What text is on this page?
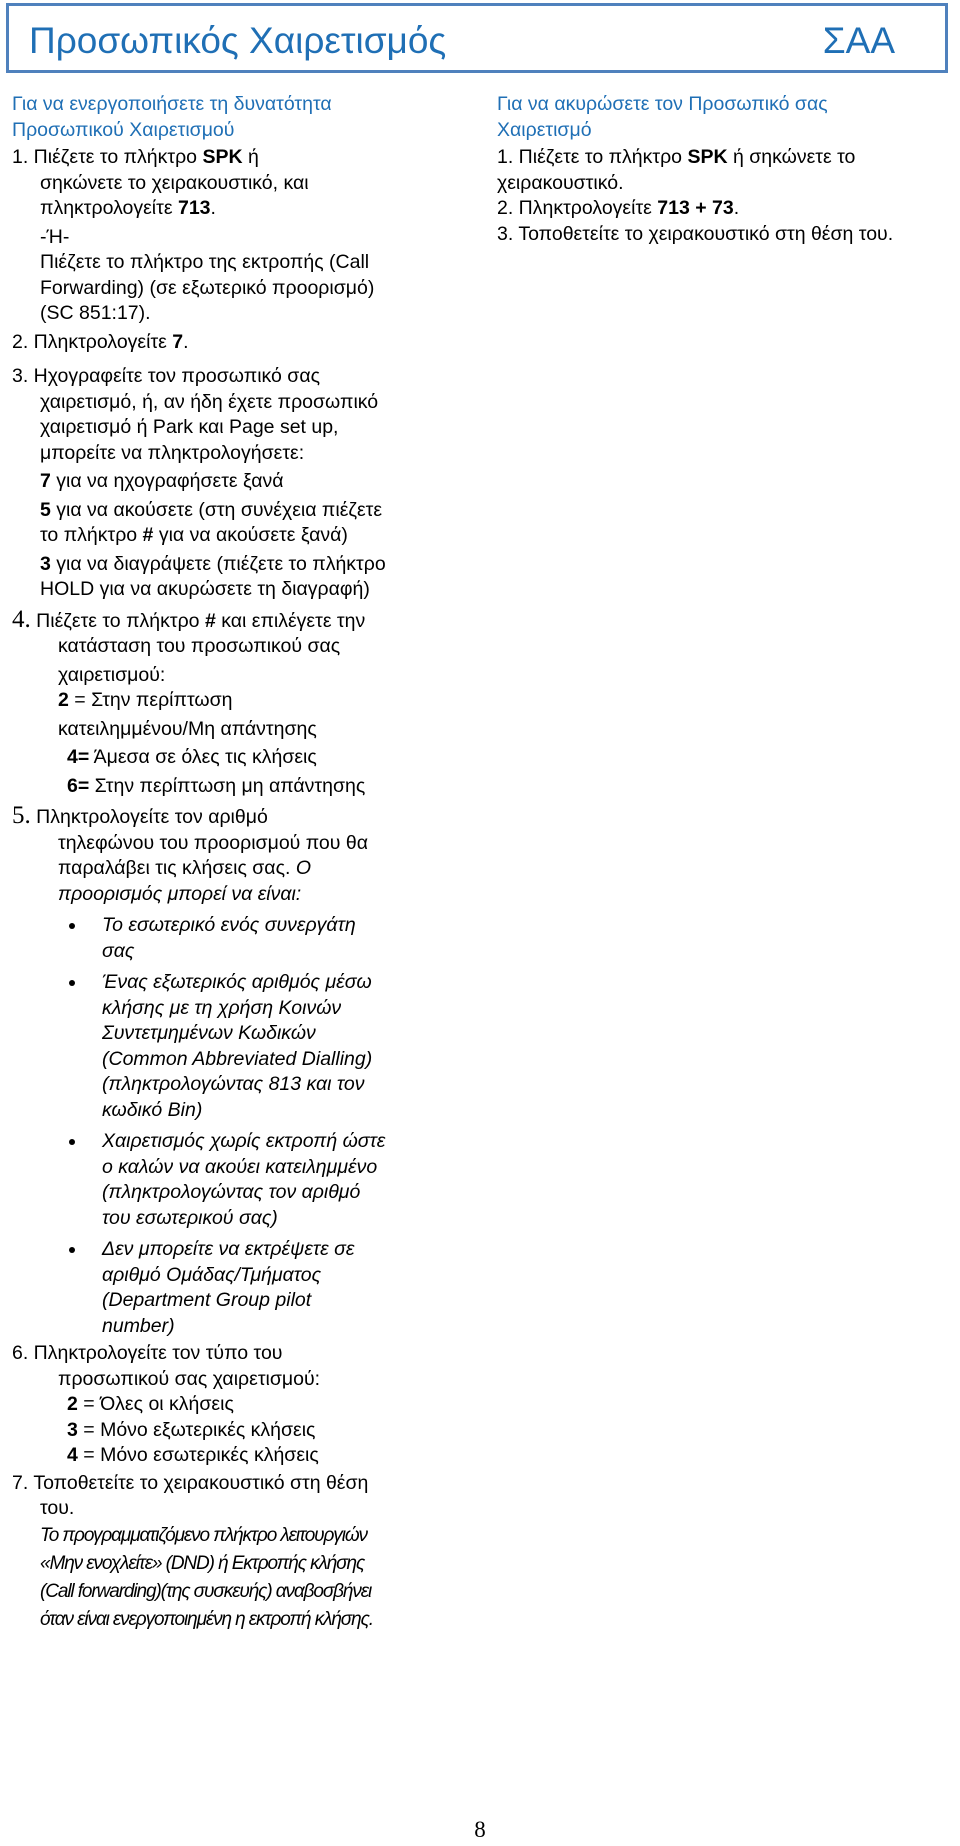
Προσωπικός Χαιρετισμός	ΣΑΑ
Για να ενεργοποιήσετε τη δυνατότητα
Προσωπικού Χαιρετισμού
1. Πιέζετε το πλήκτρο SPK ή
σηκώνετε το χειρακουστικό, και
πληκτρολογείτε 713.
-Ή-
Πιέζετε το πλήκτρο της εκτροπής (Call
Forwarding) (σε εξωτερικό προορισμό)
(SC 851:17).
2. Πληκτρολογείτε 7.
3. Ηχογραφείτε τον προσωπικό σας
χαιρετισμό, ή, αν ήδη έχετε προσωπικό
χαιρετισμό ή Park και Page set up,
μπορείτε να πληκτρολογήσετε:
7 για να ηχογραφήσετε ξανά
5 για να ακούσετε (στη συνέχεια πιέζετε
το πλήκτρο # για να ακούσετε ξανά)
3 για να διαγράψετε (πιέζετε το πλήκτρο
HOLD για να ακυρώσετε τη διαγραφή)
4. Πιέζετε το πλήκτρο # και επιλέγετε την
κατάσταση του προσωπικού σας
χαιρετισμού:
2 = Στην περίπτωση
κατειλημμένου/Μη απάντησης
4= Άμεσα σε όλες τις κλήσεις
6= Στην περίπτωση μη απάντησης
5. Πληκτρολογείτε τον αριθμό
τηλεφώνου του προορισμού που θα
παραλάβει τις κλήσεις σας. Ο
προορισμός μπορεί να είναι:
Το εσωτερικό ενός συνεργάτη
σας
Ένας εξωτερικός αριθμός μέσω
κλήσης με τη χρήση Κοινών
Συντετμημένων Κωδικών
(Common Abbreviated Dialling)
(πληκτρολογώντας 813 και τον
κωδικό Bin)
Χαιρετισμός χωρίς εκτροπή ώστε
ο καλών να ακούει κατειλημμένο
(πληκτρολογώντας τον αριθμό
του εσωτερικού σας)
Δεν μπορείτε να εκτρέψετε σε
αριθμό Ομάδας/Τμήματος
(Department Group pilot
number)
6. Πληκτρολογείτε τον τύπο του
προσωπικού σας χαιρετισμού:
2 = Όλες οι κλήσεις
3 = Μόνο εξωτερικές κλήσεις
4 = Μόνο εσωτερικές κλήσεις
7. Τοποθετείτε το χειρακουστικό στη θέση
του.
Το προγραμματιζόμενο πλήκτρο λειτουργιών
«Μην ενοχλείτε» (DND) ή Εκτροπής κλήσης
(Call forwarding)(της συσκευής) αναβοσβήνει
όταν είναι ενεργοποιημένη η εκτροπή κλήσης.
Για να ακυρώσετε τον Προσωπικό σας
Χαιρετισμό
1. Πιέζετε το πλήκτρο SPK ή σηκώνετε το
χειρακουστικό.
2. Πληκτρολογείτε 713 + 73.
3. Τοποθετείτε το χειρακουστικό στη θέση του.
8
